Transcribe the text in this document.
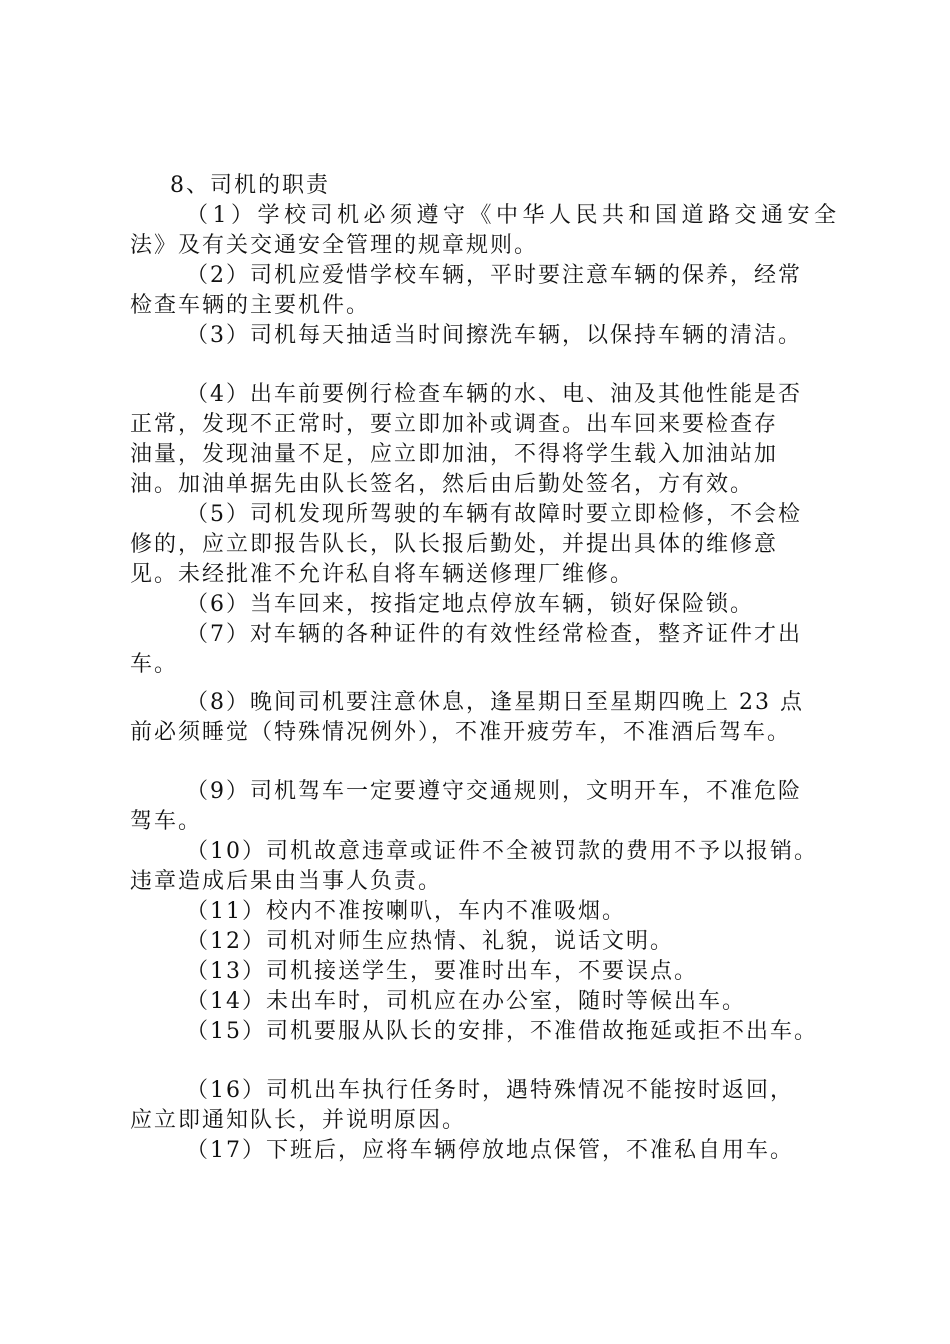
8、司机的职责
（1）学校司机必须遵守《中华人民共和国道路交通安全
法》及有关交通安全管理的规章规则。
（2）司机应爱惜学校车辆，平时要注意车辆的保养，经常
检查车辆的主要机件。
（3）司机每天抽适当时间擦洗车辆，以保持车辆的清洁。
（4）出车前要例行检查车辆的水、电、油及其他性能是否
正常，发现不正常时，要立即加补或调查。出车回来要检查存
油量，发现油量不足，应立即加油，不得将学生载入加油站加
油。加油单据先由队长签名，然后由后勤处签名，方有效。
（5）司机发现所驾驶的车辆有故障时要立即检修，不会检
修的，应立即报告队长，队长报后勤处，并提出具体的维修意
见。未经批准不允许私自将车辆送修理厂维修。
（6）当车回来，按指定地点停放车辆，锁好保险锁。
（7）对车辆的各种证件的有效性经常检查，整齐证件才出
车。
（8）晚间司机要注意休息，逢星期日至星期四晚上 23 点
前必须睡觉（特殊情况例外），不准开疲劳车，不准酒后驾车。
（9）司机驾车一定要遵守交通规则，文明开车，不准危险
驾车。
（10）司机故意违章或证件不全被罚款的费用不予以报销。
违章造成后果由当事人负责。
（11）校内不准按喇叭，车内不准吸烟。
（12）司机对师生应热情、礼貌，说话文明。
（13）司机接送学生，要准时出车，不要误点。
（14）未出车时，司机应在办公室，随时等候出车。
（15）司机要服从队长的安排，不准借故拖延或拒不出车。
（16）司机出车执行任务时，遇特殊情况不能按时返回，
应立即通知队长，并说明原因。
（17）下班后，应将车辆停放地点保管，不准私自用车。
